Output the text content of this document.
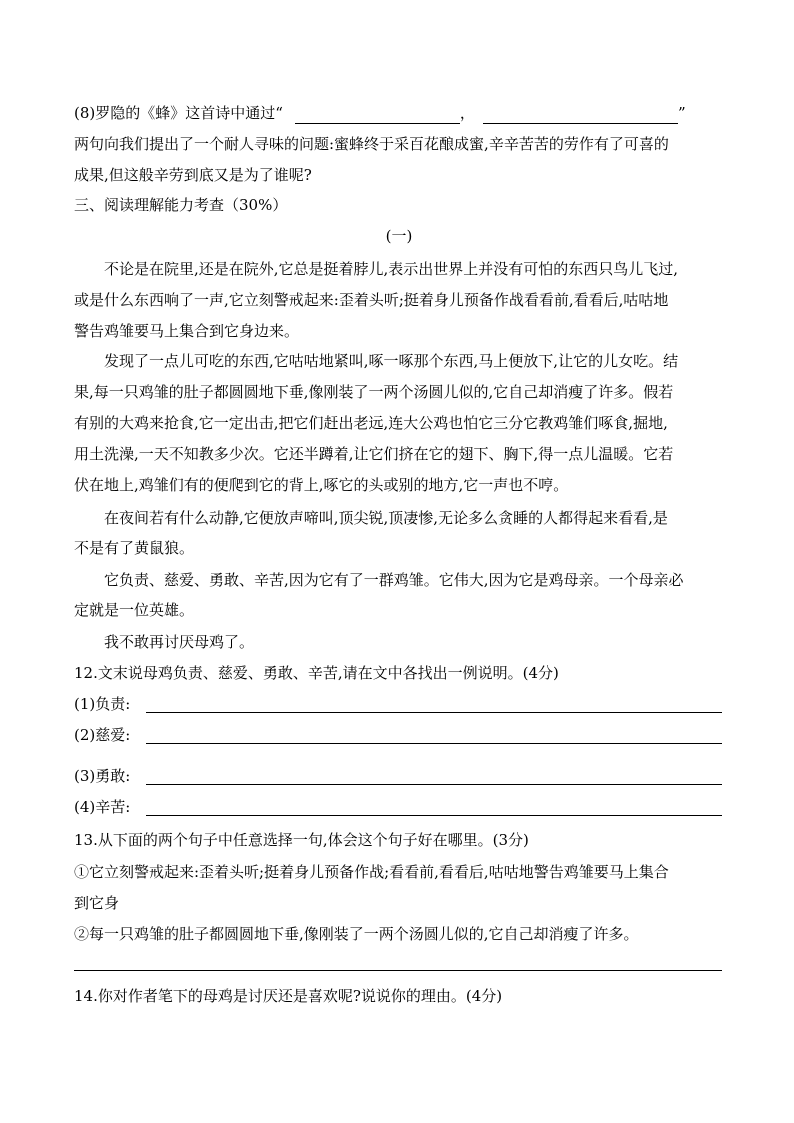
(8)罗隐的《蜂》这首诗中通过“	，	”
两句向我们提出了一个耐人寻味的问题:蜜蜂终于采百花酿成蜜,辛辛苦苦的劳作有了可喜的
成果,但这般辛劳到底又是为了谁呢?
三、阅读理解能力考查（30%）
(一)
不论是在院里,还是在院外,它总是挺着脖儿,表示出世界上并没有可怕的东西只鸟儿飞过,
或是什么东西响了一声,它立刻警戒起来:歪着头听;挺着身儿预备作战看看前,看看后,咕咕地
警告鸡雏要马上集合到它身边来。
发现了一点儿可吃的东西,它咕咕地紧叫,啄一啄那个东西,马上便放下,让它的儿女吃。结
果,每一只鸡雏的肚子都圆圆地下垂,像刚装了一两个汤圆儿似的,它自己却消瘦了许多。假若
有别的大鸡来抢食,它一定出击,把它们赶出老远,连大公鸡也怕它三分它教鸡雏们啄食,掘地,
用土洗澡,一天不知教多少次。它还半蹲着,让它们挤在它的翅下、胸下,得一点儿温暖。它若
伏在地上,鸡雏们有的便爬到它的背上,啄它的头或别的地方,它一声也不哼。
在夜间若有什么动静,它便放声啼叫,顶尖锐,顶凄惨,无论多么贪睡的人都得起来看看,是
不是有了黄鼠狼。
它负责、慈爱、勇敢、辛苦,因为它有了一群鸡雏。它伟大,因为它是鸡母亲。一个母亲必
定就是一位英雄。
我不敢再讨厌母鸡了。
12.文末说母鸡负责、慈爱、勇敢、辛苦,请在文中各找出一例说明。(4分)
(1)负责:
(2)慈爱:
(3)勇敢:
(4)辛苦:
13.从下面的两个句子中任意选择一句,体会这个句子好在哪里。(3分)
①它立刻警戒起来:歪着头听;挺着身儿预备作战;看看前,看看后,咕咕地警告鸡雏要马上集合
到它身
②每一只鸡雏的肚子都圆圆地下垂,像刚装了一两个汤圆儿似的,它自己却消瘦了许多。
14.你对作者笔下的母鸡是讨厌还是喜欢呢?说说你的理由。(4分)
